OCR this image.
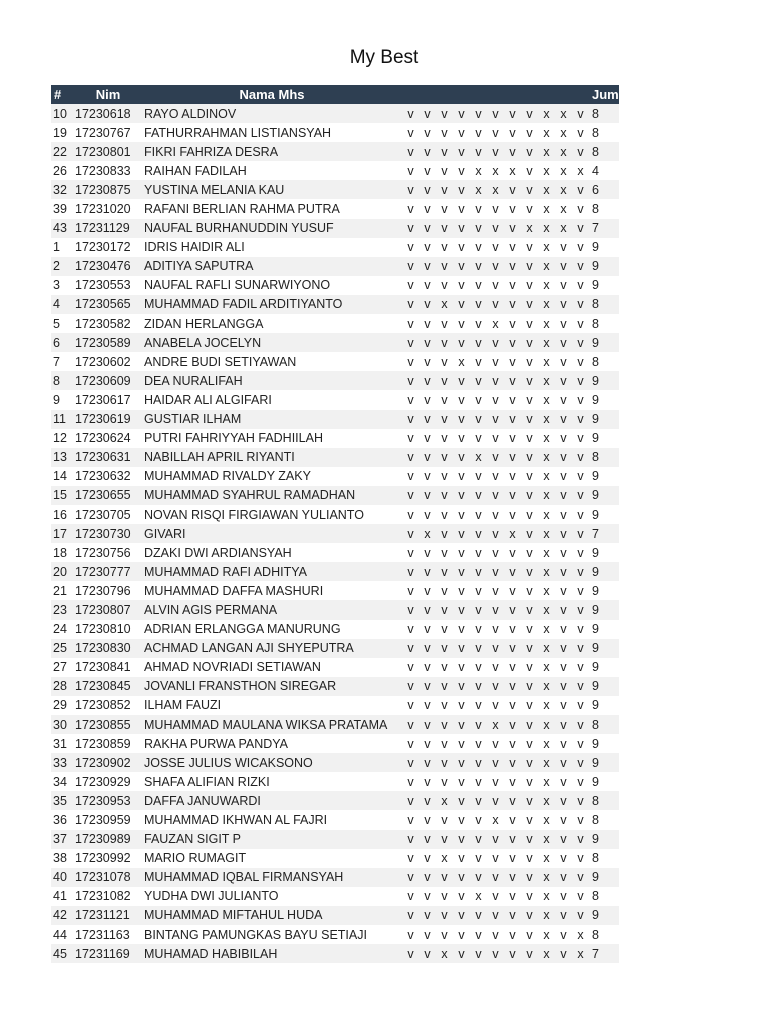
My Best
#	Nim	Nama Mhs												Jumlah
10	17230618	RAYO ALDINOV	v	v	v	v	v	v	v	v	x	x	v	8
19	17230767	FATHURRAHMAN LISTIANSYAH	v	v	v	v	v	v	v	v	x	x	v	8
22	17230801	FIKRI FAHRIZA DESRA	v	v	v	v	v	v	v	v	x	x	v	8
26	17230833	RAIHAN FADILAH	v	v	v	v	x	x	x	v	x	x	x	4
32	17230875	YUSTINA MELANIA KAU	v	v	v	v	x	x	v	v	x	x	v	6
39	17231020	RAFANI BERLIAN RAHMA PUTRA	v	v	v	v	v	v	v	v	x	x	v	8
43	17231129	NAUFAL BURHANUDDIN YUSUF	v	v	v	v	v	v	v	x	x	x	v	7
1	17230172	IDRIS HAIDIR ALI	v	v	v	v	v	v	v	v	x	v	v	9
2	17230476	ADITIYA SAPUTRA	v	v	v	v	v	v	v	v	x	v	v	9
3	17230553	NAUFAL RAFLI SUNARWIYONO	v	v	v	v	v	v	v	v	x	v	v	9
4	17230565	MUHAMMAD FADIL ARDITIYANTO	v	v	x	v	v	v	v	v	x	v	v	8
5	17230582	ZIDAN HERLANGGA	v	v	v	v	v	x	v	v	x	v	v	8
6	17230589	ANABELA JOCELYN	v	v	v	v	v	v	v	v	x	v	v	9
7	17230602	ANDRE BUDI SETIYAWAN	v	v	v	x	v	v	v	v	x	v	v	8
8	17230609	DEA NURALIFAH	v	v	v	v	v	v	v	v	x	v	v	9
9	17230617	HAIDAR ALI ALGIFARI	v	v	v	v	v	v	v	v	x	v	v	9
11	17230619	GUSTIAR ILHAM	v	v	v	v	v	v	v	v	x	v	v	9
12	17230624	PUTRI FAHRIYYAH FADHIILAH	v	v	v	v	v	v	v	v	x	v	v	9
13	17230631	NABILLAH APRIL RIYANTI	v	v	v	v	x	v	v	v	x	v	v	8
14	17230632	MUHAMMAD RIVALDY ZAKY	v	v	v	v	v	v	v	v	x	v	v	9
15	17230655	MUHAMMAD SYAHRUL RAMADHAN	v	v	v	v	v	v	v	v	x	v	v	9
16	17230705	NOVAN RISQI FIRGIAWAN YULIANTO	v	v	v	v	v	v	v	v	x	v	v	9
17	17230730	GIVARI	v	x	v	v	v	v	x	v	x	v	v	7
18	17230756	DZAKI DWI ARDIANSYAH	v	v	v	v	v	v	v	v	x	v	v	9
20	17230777	MUHAMMAD RAFI ADHITYA	v	v	v	v	v	v	v	v	x	v	v	9
21	17230796	MUHAMMAD DAFFA MASHURI	v	v	v	v	v	v	v	v	x	v	v	9
23	17230807	ALVIN AGIS PERMANA	v	v	v	v	v	v	v	v	x	v	v	9
24	17230810	ADRIAN ERLANGGA MANURUNG	v	v	v	v	v	v	v	v	x	v	v	9
25	17230830	ACHMAD LANGAN AJI SHYEPUTRA	v	v	v	v	v	v	v	v	x	v	v	9
27	17230841	AHMAD NOVRIADI SETIAWAN	v	v	v	v	v	v	v	v	x	v	v	9
28	17230845	JOVANLI FRANSTHON SIREGAR	v	v	v	v	v	v	v	v	x	v	v	9
29	17230852	ILHAM FAUZI	v	v	v	v	v	v	v	v	x	v	v	9
30	17230855	MUHAMMAD MAULANA WIKSA PRATAMA	v	v	v	v	v	x	v	v	x	v	v	8
31	17230859	RAKHA PURWA PANDYA	v	v	v	v	v	v	v	v	x	v	v	9
33	17230902	JOSSE JULIUS WICAKSONO	v	v	v	v	v	v	v	v	x	v	v	9
34	17230929	SHAFA ALIFIAN RIZKI	v	v	v	v	v	v	v	v	x	v	v	9
35	17230953	DAFFA JANUWARDI	v	v	x	v	v	v	v	v	x	v	v	8
36	17230959	MUHAMMAD IKHWAN AL FAJRI	v	v	v	v	v	x	v	v	x	v	v	8
37	17230989	FAUZAN SIGIT P	v	v	v	v	v	v	v	v	x	v	v	9
38	17230992	MARIO RUMAGIT	v	v	x	v	v	v	v	v	x	v	v	8
40	17231078	MUHAMMAD IQBAL FIRMANSYAH	v	v	v	v	v	v	v	v	x	v	v	9
41	17231082	YUDHA DWI JULIANTO	v	v	v	v	x	v	v	v	x	v	v	8
42	17231121	MUHAMMAD MIFTAHUL HUDA	v	v	v	v	v	v	v	v	x	v	v	9
44	17231163	BINTANG PAMUNGKAS BAYU SETIAJI	v	v	v	v	v	v	v	v	x	v	x	8
45	17231169	MUHAMAD HABIBILAH	v	v	x	v	v	v	v	v	x	v	x	7
